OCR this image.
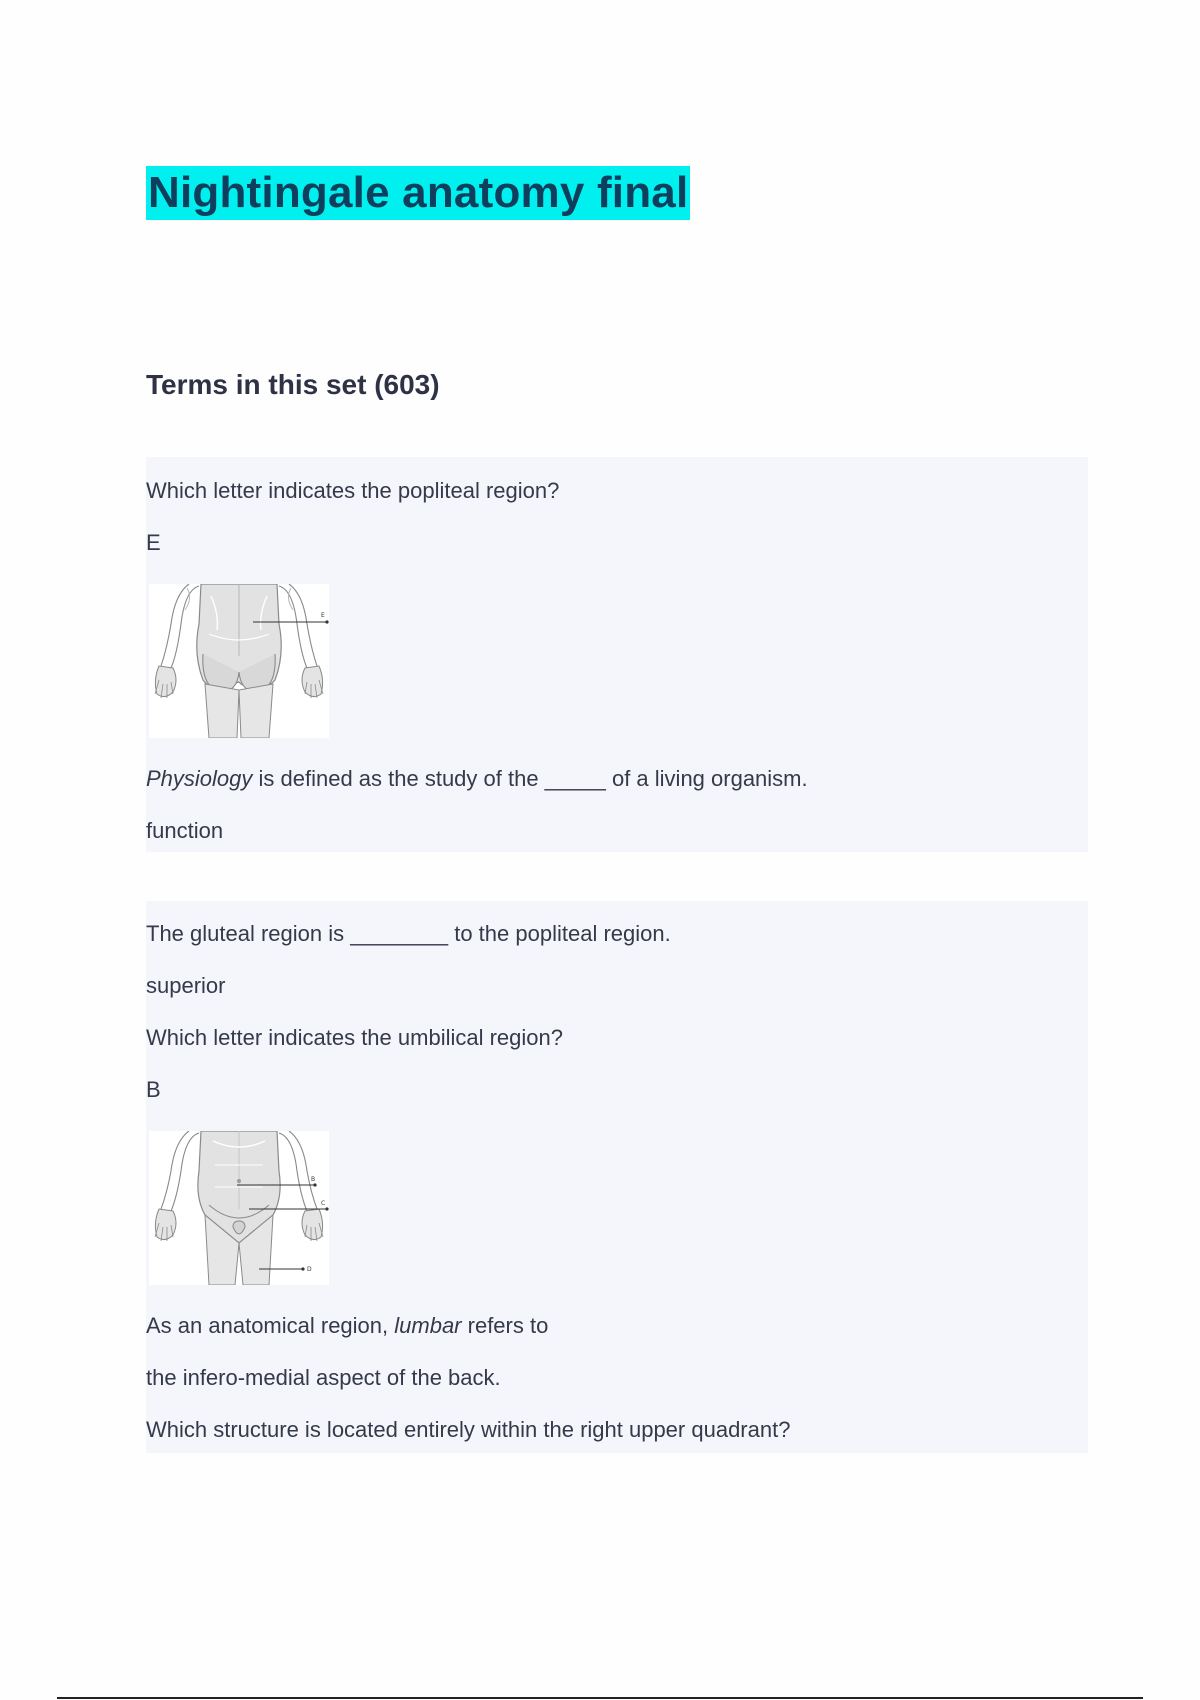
Nightingale anatomy final
Terms in this set (603)

Which letter indicates the popliteal region?

E

E

Physiology is defined as the study of the _____ of a living organism.

function

The gluteal region is ________ to the popliteal region.

superior

Which letter indicates the umbilical region?

B

B
C
D

As an anatomical region, lumbar refers to

the infero-medial aspect of the back.

Which structure is located entirely within the right upper quadrant?
